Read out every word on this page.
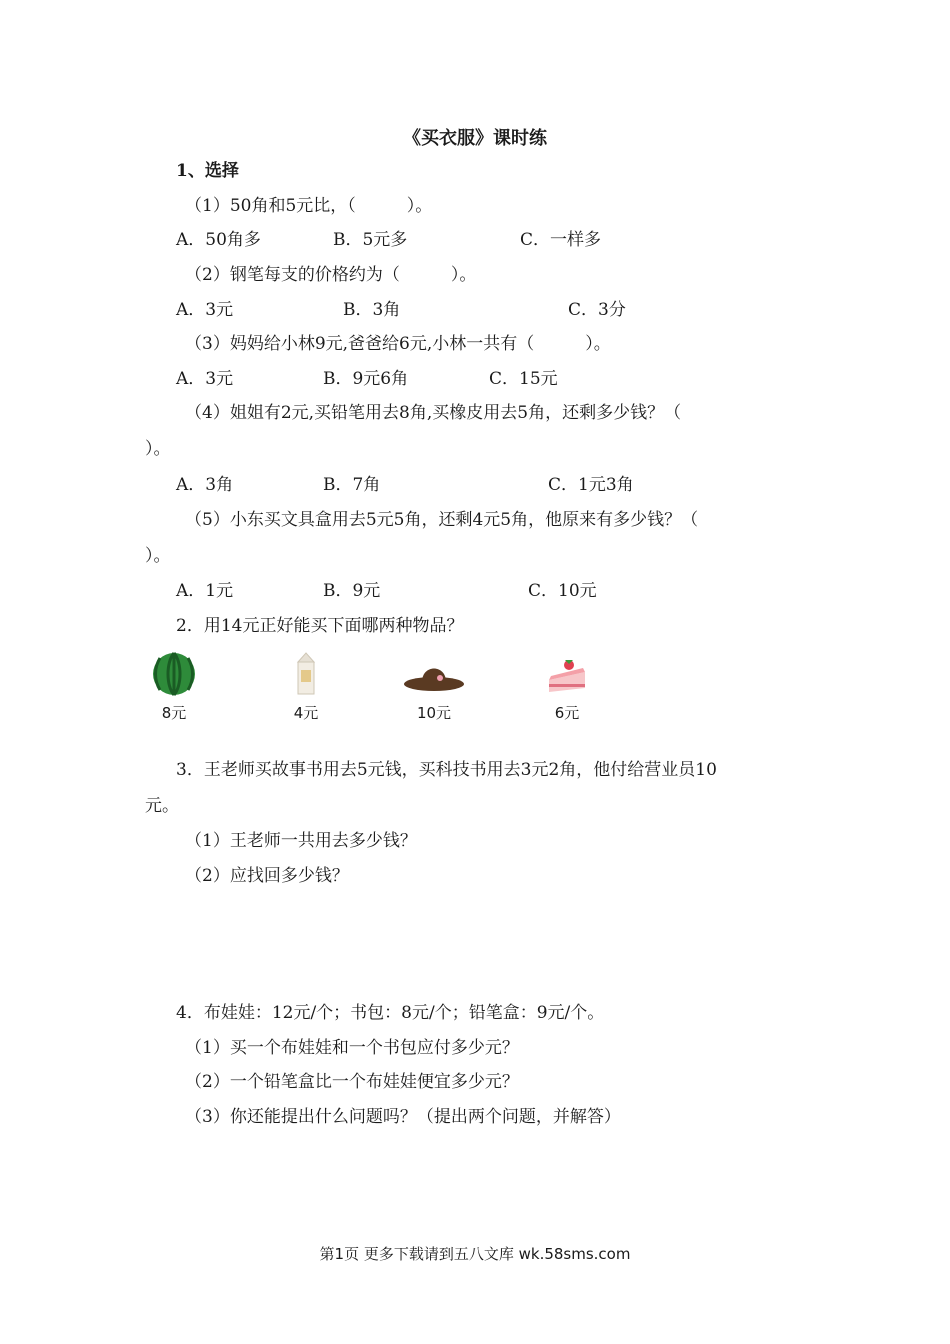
《买衣服》课时练
1、选择
（1）50角和5元比，（　　　）。
A．50角多	B．5元多	C．一样多
（2）钢笔每支的价格约为（　　　）。
A．3元	B．3角	C．3分
（3）妈妈给小林9元,爸爸给6元,小林一共有（　　　）。
A．3元	B．9元6角	C．15元
（4）姐姐有2元,买铅笔用去8角,买橡皮用去5角，还剩多少钱？（
）。
A．3角	B．7角	C．1元3角
（5）小东买文具盒用去5元5角，还剩4元5角，他原来有多少钱？（
）。
A．1元	B．9元	C．10元
2．用14元正好能买下面哪两种物品？
8元	4元	10元	6元
3．王老师买故事书用去5元钱，买科技书用去3元2角，他付给营业员10
元。
（1）王老师一共用去多少钱？
（2）应找回多少钱？
4．布娃娃：12元/个；书包：8元/个；铅笔盒：9元/个。
（1）买一个布娃娃和一个书包应付多少元？
（2）一个铅笔盒比一个布娃娃便宜多少元？
（3）你还能提出什么问题吗？（提出两个问题，并解答）
第1页 更多下载请到五八文库 wk.58sms.com
